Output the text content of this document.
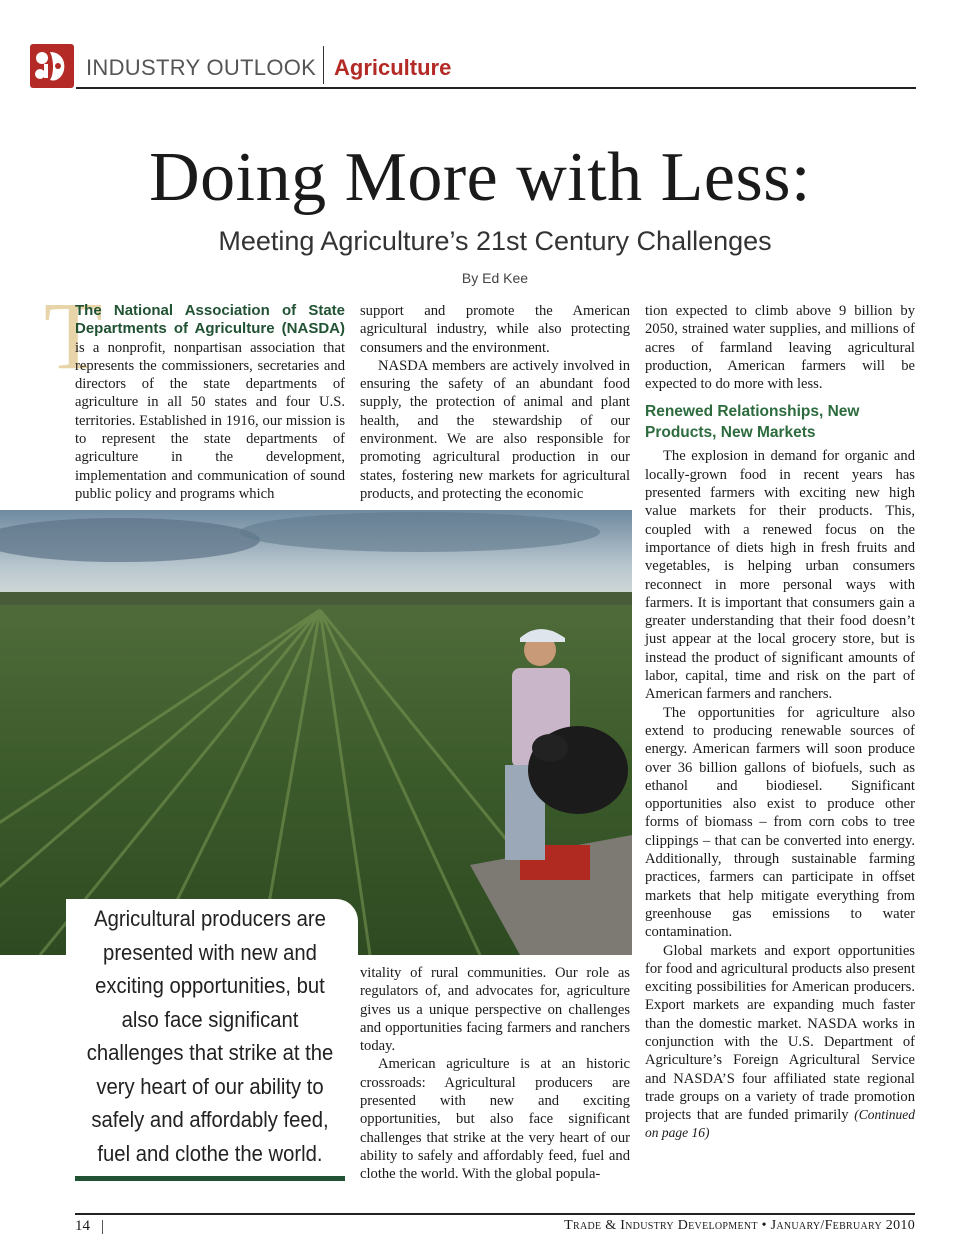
INDUSTRY OUTLOOK Agriculture
Doing More with Less:
Meeting Agriculture’s 21st Century Challenges
By Ed Kee
T

The National Association of State Departments of Agriculture (NASDA) is a nonprofit, nonpartisan association that represents the commissioners, secretaries and directors of the state departments of agriculture in all 50 states and four U.S. territories. Established in 1916, our mission is to represent the state departments of agriculture in the development, implementation and communication of sound public policy and programs which

support and promote the American agricultural industry, while also protecting consumers and the environment.

NASDA members are actively involved in ensuring the safety of an abundant food supply, the protection of animal and plant health, and the stewardship of our environment. We are also responsible for promoting agricultural production in our states, fostering new markets for agricultural products, and protecting the economic

vitality of rural communities. Our role as regulators of, and advocates for, agriculture gives us a unique perspective on challenges and opportunities facing farmers and ranchers today.

American agriculture is at an historic crossroads: Agricultural producers are presented with new and exciting opportunities, but also face significant challenges that strike at the very heart of our ability to safely and affordably feed, fuel and clothe the world. With the global popula-

tion expected to climb above 9 billion by 2050, strained water supplies, and millions of acres of farmland leaving agricultural production, American farmers will be expected to do more with less.

Renewed Relationships, New Products, New Markets

The explosion in demand for organic and locally-grown food in recent years has presented farmers with exciting new high value markets for their products. This, coupled with a renewed focus on the importance of diets high in fresh fruits and vegetables, is helping urban consumers reconnect in more personal ways with farmers. It is important that consumers gain a greater understanding that their food doesn’t just appear at the local grocery store, but is instead the product of significant amounts of labor, capital, time and risk on the part of American farmers and ranchers.

The opportunities for agriculture also extend to producing renewable sources of energy. American farmers will soon produce over 36 billion gallons of biofuels, such as ethanol and biodiesel. Significant opportunities also exist to produce other forms of biomass – from corn cobs to tree clippings – that can be converted into energy. Additionally, through sustainable farming practices, farmers can participate in offset markets that help mitigate everything from greenhouse gas emissions to water contamination.

Global markets and export opportunities for food and agricultural products also present exciting possibilities for American producers. Export markets are expanding much faster than the domestic market. NASDA works in conjunction with the U.S. Department of Agriculture’s Foreign Agricultural Service and NASDA’S four affiliated state regional trade groups on a variety of trade promotion projects that are funded primarily (Continued on page 16)

Agricultural producers are presented with new and exciting opportunities, but also face significant challenges that strike at the very heart of our ability to safely and affordably feed, fuel and clothe the world.
14	Trade & Industry Development • January/February 2010
